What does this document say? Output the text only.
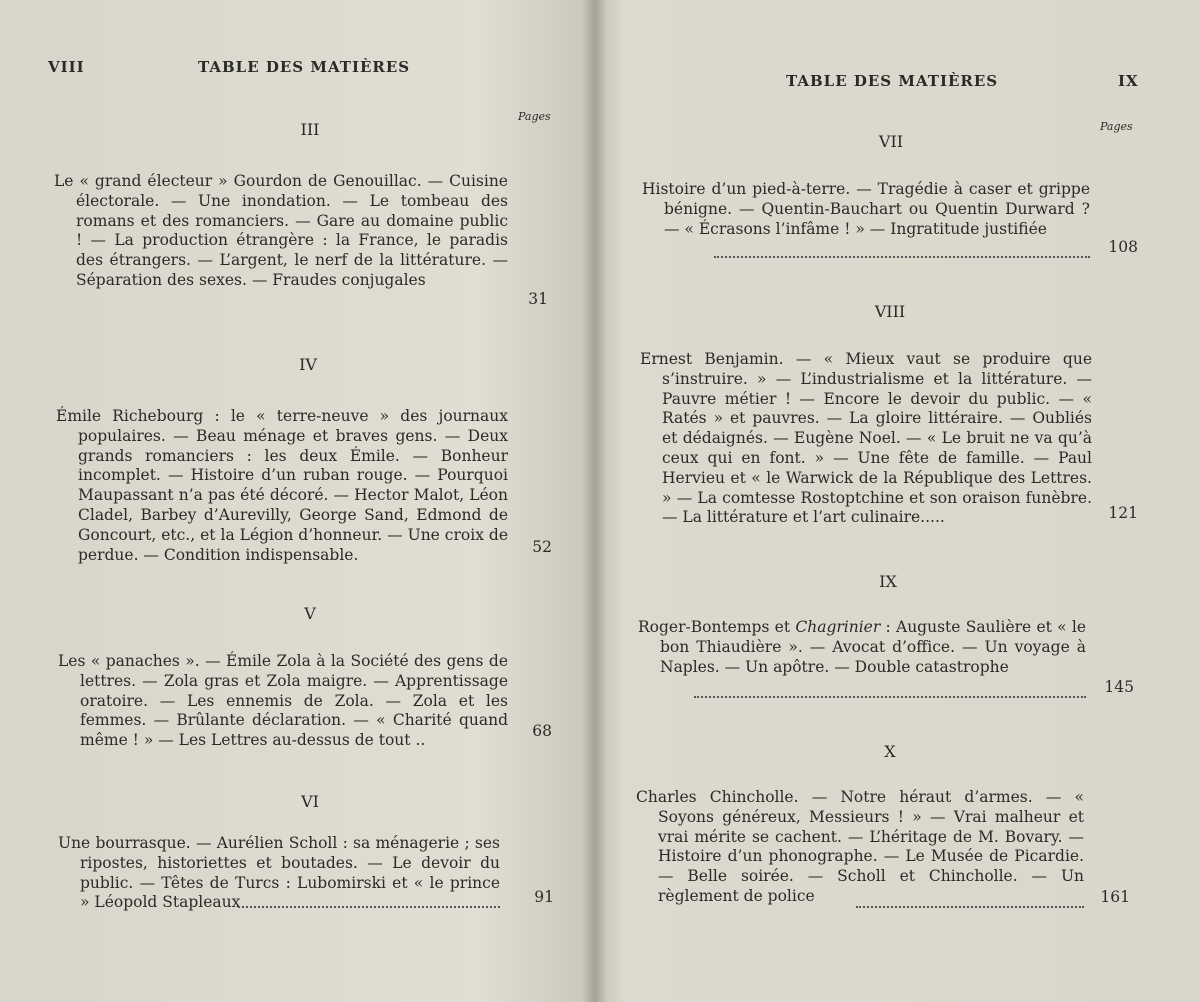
VIII	TABLE DES MATIÈRES
Pages
III
Le « grand électeur » Gourdon de Genouillac. — Cuisine électorale. — Une inondation. — Le tombeau des romans et des romanciers. — Gare au domaine public ! — La production étrangère : la France, le paradis des étrangers. — L’argent, le nerf de la littérature. — Séparation des sexes. — Fraudes conjugales
31
IV
Émile Richebourg : le « terre-neuve » des journaux populaires. — Beau ménage et braves gens. — Deux grands romanciers : les deux Émile. — Bonheur incomplet. — Histoire d’un ruban rouge. — Pourquoi Maupassant n’a pas été décoré. — Hector Malot, Léon Cladel, Barbey d’Aurevilly, George Sand, Edmond de Goncourt, etc., et la Légion d’honneur. — Une croix de perdue. — Condition indispensable.	52
V
Les « panaches ». — Émile Zola à la Société des gens de lettres. — Zola gras et Zola maigre. — Apprentissage oratoire. — Les ennemis de Zola. — Zola et les femmes. — Brûlante déclaration. — « Charité quand même ! » — Les Lettres au-dessus de tout ..
68
VI
Une bourrasque. — Aurélien Scholl : sa ménagerie ; ses ripostes, historiettes et boutades. — Le devoir du public. — Têtes de Turcs : Lubomirski et « le prince » Léopold Stapleaux	91
TABLE DES MATIÈRES	IX
Pages
VII
Histoire d’un pied-à-terre. — Tragédie à caser et grippe bénigne. — Quentin-Bauchart ou Quentin Durward ? — « Écrasons l’infâme ! » — Ingratitude justifiée
108
VIII
Ernest Benjamin. — « Mieux vaut se produire que s’instruire. » — L’industrialisme et la littérature. — Pauvre métier ! — Encore le devoir du public. — « Ratés » et pauvres. — La gloire littéraire. — Oubliés et dédaignés. — Eugène Noel. — « Le bruit ne va qu’à ceux qui en font. » — Une fête de famille. — Paul Hervieu et « le Warwick de la République des Lettres. » — La comtesse Rostoptchine et son oraison funèbre. — La littérature et l’art culinaire.....	121
IX
Roger-Bontemps et Chagrinier : Auguste Saulière et « le bon Thiaudière ». — Avocat d’office. — Un voyage à Naples. — Un apôtre. — Double catastrophe
145
X
Charles Chincholle. — Notre héraut d’armes. — « Soyons généreux, Messieurs ! » — Vrai malheur et vrai mérite se cachent. — L’héritage de M. Bovary. — Histoire d’un phonographe. — Le Musée de Picardie. — Belle soirée. — Scholl et Chincholle. — Un règlement de police	161
